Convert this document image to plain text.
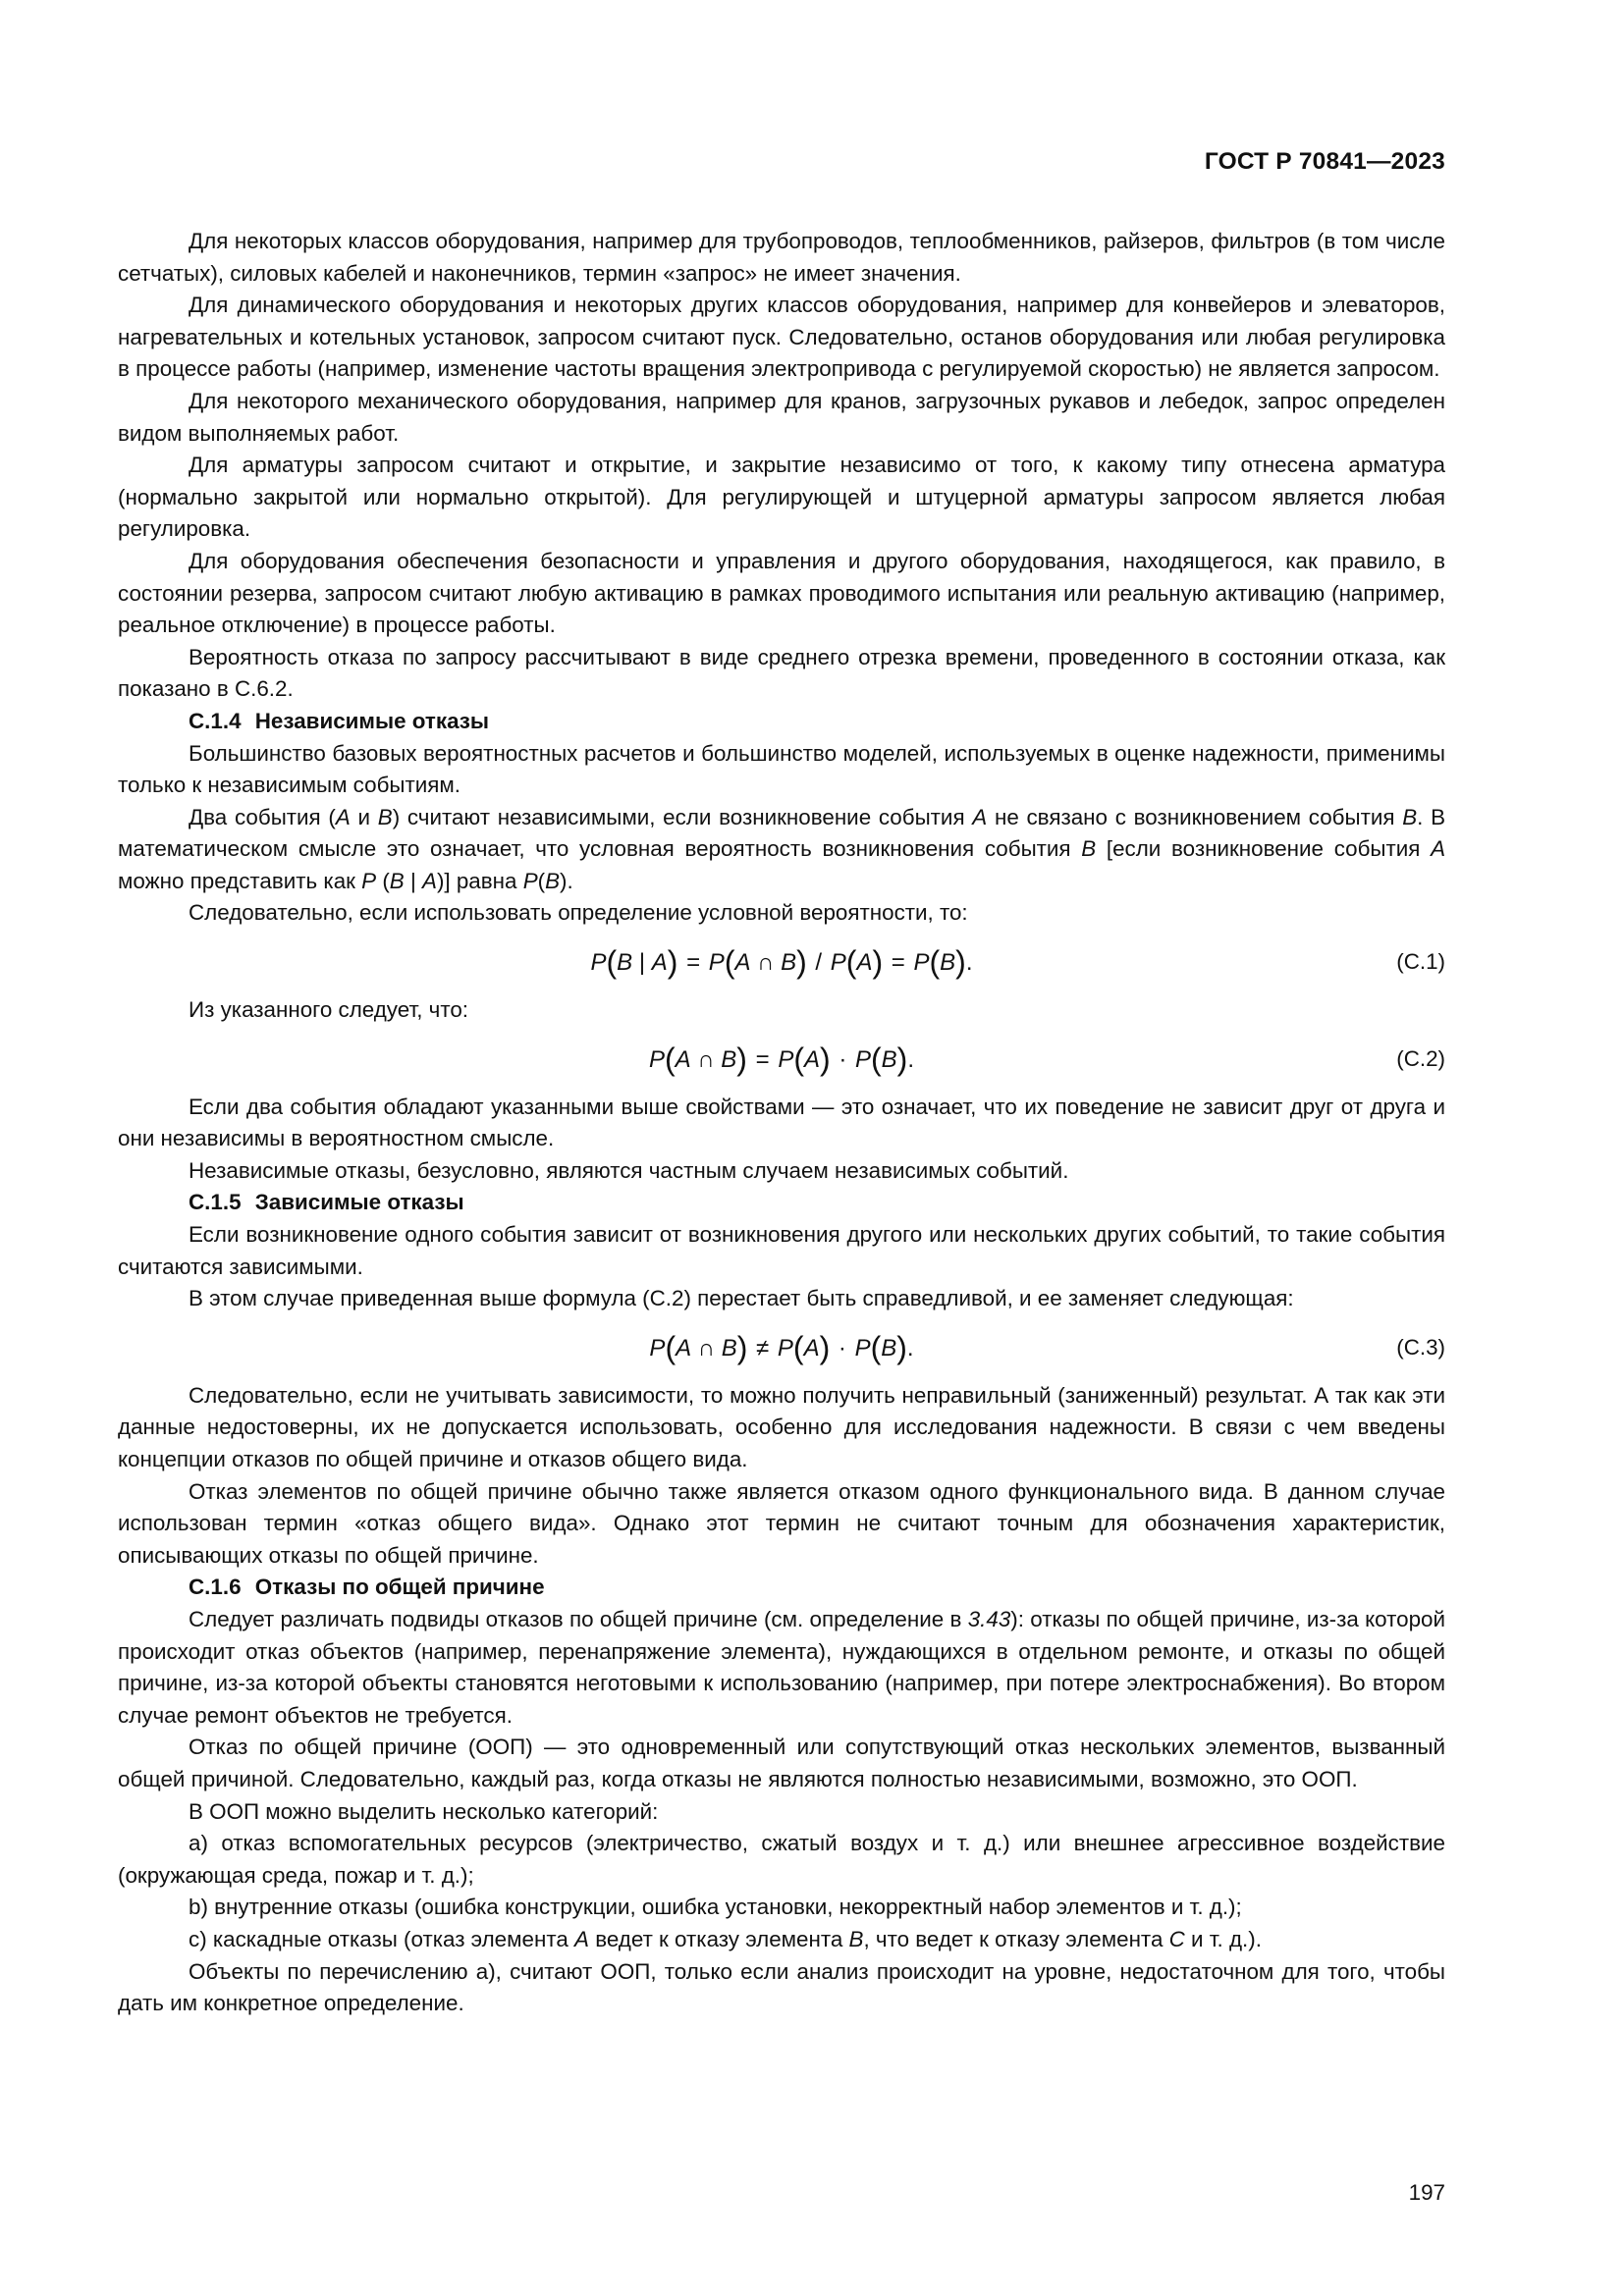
ГОСТ Р 70841—2023

Для некоторых классов оборудования, например для трубопроводов, теплообменников, райзеров, фильтров (в том числе сетчатых), силовых кабелей и наконечников, термин «запрос» не имеет значения.

Для динамического оборудования и некоторых других классов оборудования, например для конвейеров и элеваторов, нагревательных и котельных установок, запросом считают пуск. Следовательно, останов оборудования или любая регулировка в процессе работы (например, изменение частоты вращения электропривода с регулируемой скоростью) не является запросом.

Для некоторого механического оборудования, например для кранов, загрузочных рукавов и лебедок, запрос определен видом выполняемых работ.

Для арматуры запросом считают и открытие, и закрытие независимо от того, к какому типу отнесена арматура (нормально закрытой или нормально открытой). Для регулирующей и штуцерной арматуры запросом является любая регулировка.

Для оборудования обеспечения безопасности и управления и другого оборудования, находящегося, как правило, в состоянии резерва, запросом считают любую активацию в рамках проводимого испытания или реальную активацию (например, реальное отключение) в процессе работы.

Вероятность отказа по запросу рассчитывают в виде среднего отрезка времени, проведенного в состоянии отказа, как показано в С.6.2.

С.1.4 Независимые отказы

Большинство базовых вероятностных расчетов и большинство моделей, используемых в оценке надежности, применимы только к независимым событиям.

Два события (A и B) считают независимыми, если возникновение события A не связано с возникновением события B. В математическом смысле это означает, что условная вероятность возникновения события B [если возникновение события A можно представить как P (B | A)] равна P(B).

Следовательно, если использовать определение условной вероятности, то:

P(B | A) = P(A ∩ B) / P(A) = P(B).	(С.1)

Из указанного следует, что:

P(A ∩ B) = P(A) · P(B).	(С.2)

Если два события обладают указанными выше свойствами — это означает, что их поведение не зависит друг от друга и они независимы в вероятностном смысле.

Независимые отказы, безусловно, являются частным случаем независимых событий.

С.1.5 Зависимые отказы

Если возникновение одного события зависит от возникновения другого или нескольких других событий, то такие события считаются зависимыми.

В этом случае приведенная выше формула (С.2) перестает быть справедливой, и ее заменяет следующая:

P(A ∩ B) ≠ P(A) · P(B).	(С.3)

Следовательно, если не учитывать зависимости, то можно получить неправильный (заниженный) результат. А так как эти данные недостоверны, их не допускается использовать, особенно для исследования надежности. В связи с чем введены концепции отказов по общей причине и отказов общего вида.

Отказ элементов по общей причине обычно также является отказом одного функционального вида. В данном случае использован термин «отказ общего вида». Однако этот термин не считают точным для обозначения характеристик, описывающих отказы по общей причине.

С.1.6 Отказы по общей причине

Следует различать подвиды отказов по общей причине (см. определение в 3.43): отказы по общей причине, из-за которой происходит отказ объектов (например, перенапряжение элемента), нуждающихся в отдельном ремонте, и отказы по общей причине, из-за которой объекты становятся неготовыми к использованию (например, при потере электроснабжения). Во втором случае ремонт объектов не требуется.

Отказ по общей причине (ООП) — это одновременный или сопутствующий отказ нескольких элементов, вызванный общей причиной. Следовательно, каждый раз, когда отказы не являются полностью независимыми, возможно, это ООП.

В ООП можно выделить несколько категорий:

а) отказ вспомогательных ресурсов (электричество, сжатый воздух и т. д.) или внешнее агрессивное воздействие (окружающая среда, пожар и т. д.);

b) внутренние отказы (ошибка конструкции, ошибка установки, некорректный набор элементов и т. д.);

с) каскадные отказы (отказ элемента A ведет к отказу элемента B, что ведет к отказу элемента C и т. д.).

Объекты по перечислению а), считают ООП, только если анализ происходит на уровне, недостаточном для того, чтобы дать им конкретное определение.

197
